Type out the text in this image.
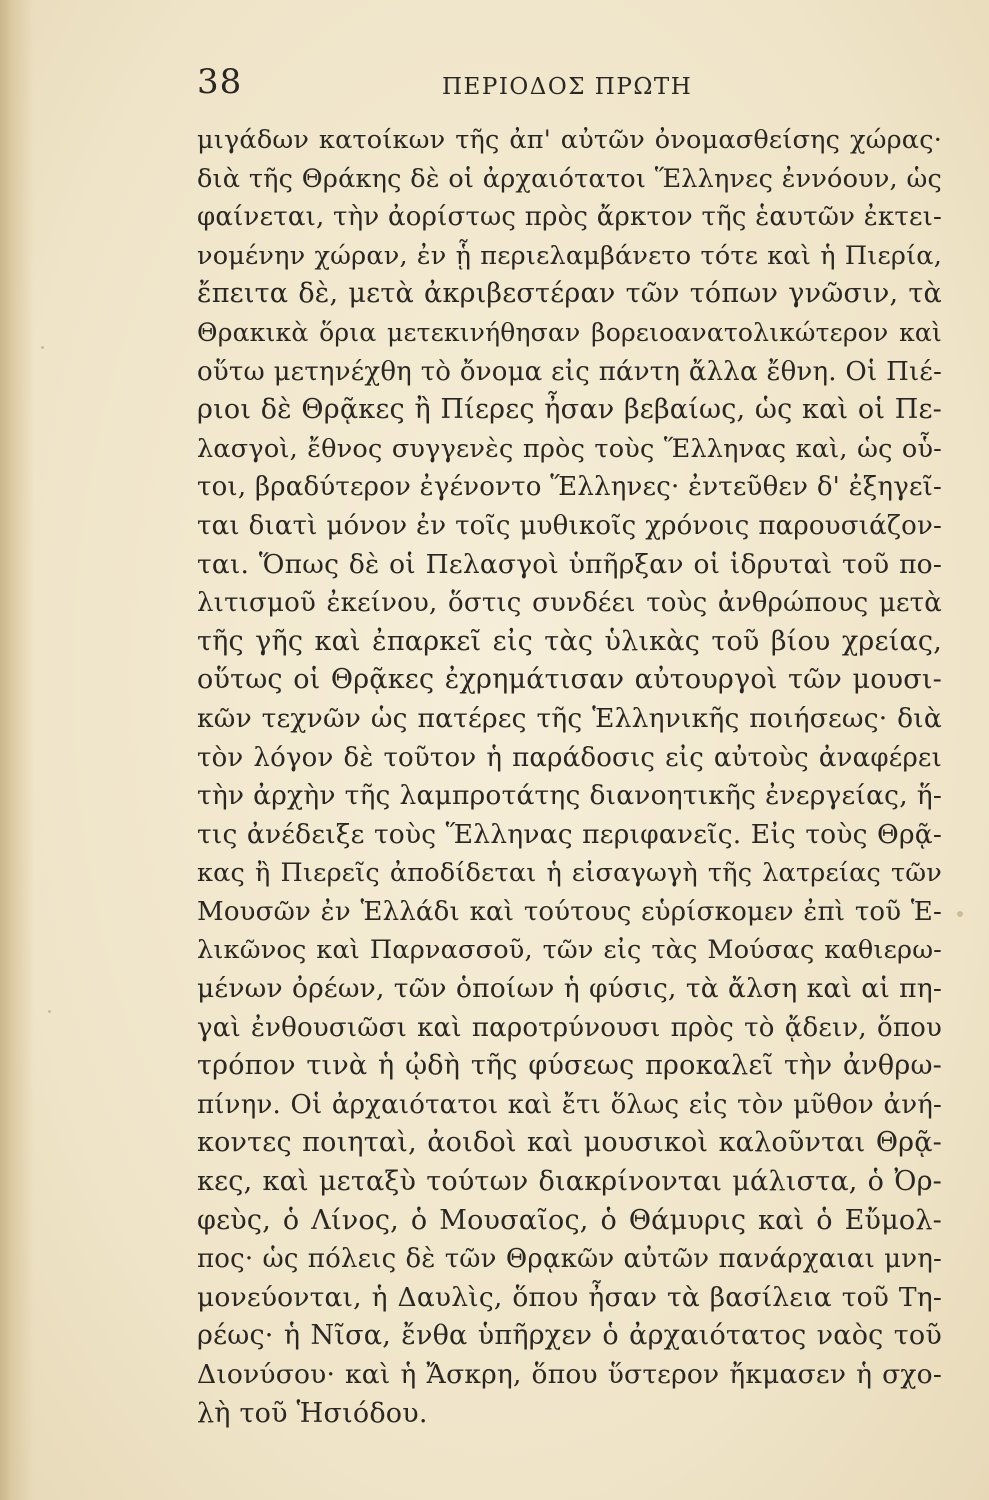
38	ΠΕΡΙΟΔΟΣ ΠΡΩΤΗ
μιγάδων κατοίκων τῆς ἀπ' αὐτῶν ὀνομασθείσης χώρας·
διὰ τῆς Θράκης δὲ οἱ ἀρχαιότατοι Ἕλληνες ἐννόουν, ὡς
φαίνεται, τὴν ἀορίστως πρὸς ἄρκτον τῆς ἑαυτῶν ἐκτει-
νομένην χώραν, ἐν ᾗ περιελαμβάνετο τότε καὶ ἡ Πιερία,
ἔπειτα δὲ, μετὰ ἀκριβεστέραν τῶν τόπων γνῶσιν, τὰ
Θρακικὰ ὅρια μετεκινήθησαν βορειοανατολικώτερον καὶ
οὕτω μετηνέχθη τὸ ὄνομα εἰς πάντη ἄλλα ἔθνη. Οἱ Πιέ-
ριοι δὲ Θρᾷκες ἢ Πίερες ἦσαν βεβαίως, ὡς καὶ οἱ Πε-
λασγοὶ, ἔθνος συγγενὲς πρὸς τοὺς Ἕλληνας καὶ, ὡς οὗ-
τοι, βραδύτερον ἐγένοντο Ἕλληνες· ἐντεῦθεν δ' ἐξηγεῖ-
ται διατὶ μόνον ἐν τοῖς μυθικοῖς χρόνοις παρουσιάζον-
ται. Ὅπως δὲ οἱ Πελασγοὶ ὑπῆρξαν οἱ ἱδρυταὶ τοῦ πο-
λιτισμοῦ ἐκείνου, ὅστις συνδέει τοὺς ἀνθρώπους μετὰ
τῆς γῆς καὶ ἐπαρκεῖ εἰς τὰς ὑλικὰς τοῦ βίου χρείας,
οὕτως οἱ Θρᾷκες ἐχρημάτισαν αὐτουργοὶ τῶν μουσι-
κῶν τεχνῶν ὡς πατέρες τῆς Ἑλληνικῆς ποιήσεως· διὰ
τὸν λόγον δὲ τοῦτον ἡ παράδοσις εἰς αὐτοὺς ἀναφέρει
τὴν ἀρχὴν τῆς λαμπροτάτης διανοητικῆς ἐνεργείας, ἥ-
τις ἀνέδειξε τοὺς Ἕλληνας περιφανεῖς. Εἰς τοὺς Θρᾷ-
κας ἢ Πιερεῖς ἀποδίδεται ἡ εἰσαγωγὴ τῆς λατρείας τῶν
Μουσῶν ἐν Ἑλλάδι καὶ τούτους εὑρίσκομεν ἐπὶ τοῦ Ἑ-
λικῶνος καὶ Παρνασσοῦ, τῶν εἰς τὰς Μούσας καθιερω-
μένων ὀρέων, τῶν ὁποίων ἡ φύσις, τὰ ἄλση καὶ αἱ πη-
γαὶ ἐνθουσιῶσι καὶ παροτρύνουσι πρὸς τὸ ᾄδειν, ὅπου
τρόπον τινὰ ἡ ᾠδὴ τῆς φύσεως προκαλεῖ τὴν ἀνθρω-
πίνην. Οἱ ἀρχαιότατοι καὶ ἔτι ὅλως εἰς τὸν μῦθον ἀνή-
κοντες ποιηταὶ, ἀοιδοὶ καὶ μουσικοὶ καλοῦνται Θρᾷ-
κες, καὶ μεταξὺ τούτων διακρίνονται μάλιστα, ὁ Ὀρ-
φεὺς, ὁ Λίνος, ὁ Μουσαῖος, ὁ Θάμυρις καὶ ὁ Εὔμολ-
πος· ὡς πόλεις δὲ τῶν Θρᾳκῶν αὐτῶν πανάρχαιαι μνη-
μονεύονται, ἡ Δαυλὶς, ὅπου ἦσαν τὰ βασίλεια τοῦ Τη-
ρέως· ἡ Νῖσα, ἔνθα ὑπῆρχεν ὁ ἀρχαιότατος ναὸς τοῦ
Διονύσου· καὶ ἡ Ἄσκρη, ὅπου ὕστερον ἤκμασεν ἡ σχο-
λὴ τοῦ Ἡσιόδου.
